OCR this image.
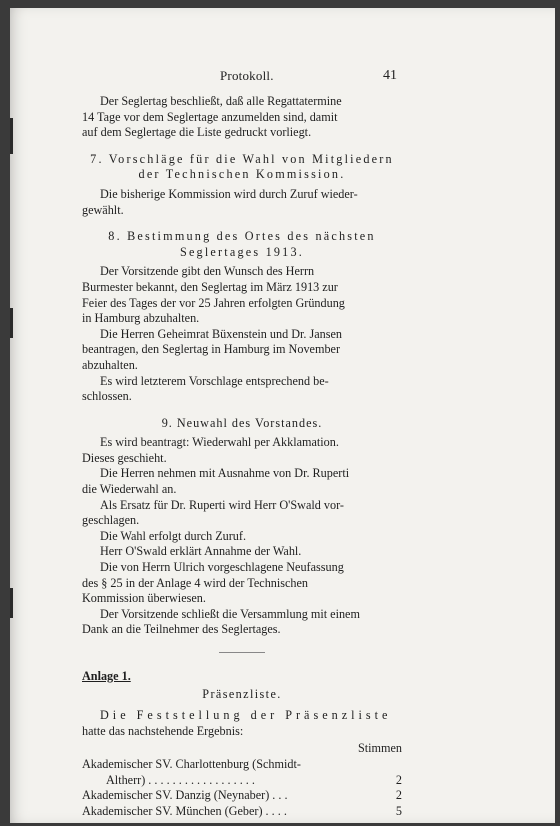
Protokoll.	41

Der Seglertag beschließt, daß alle Regattatermine
14 Tage vor dem Seglertage anzumelden sind, damit
auf dem Seglertage die Liste gedruckt vorliegt.

7. Vorschläge für die Wahl von Mitgliedern
der Technischen Kommission.

Die bisherige Kommission wird durch Zuruf wieder-
gewählt.

8. Bestimmung des Ortes des nächsten
Seglertages 1913.

Der Vorsitzende gibt den Wunsch des Herrn
Burmester bekannt, den Seglertag im März 1913 zur
Feier des Tages der vor 25 Jahren erfolgten Gründung
in Hamburg abzuhalten.

Die Herren Geheimrat Büxenstein und Dr. Jansen
beantragen, den Seglertag in Hamburg im November
abzuhalten.

Es wird letzterem Vorschlage entsprechend be-
schlossen.

9. Neuwahl des Vorstandes.

Es wird beantragt: Wiederwahl per Akklamation.
Dieses geschieht.

Die Herren nehmen mit Ausnahme von Dr. Ruperti
die Wiederwahl an.

Als Ersatz für Dr. Ruperti wird Herr O'Swald vor-
geschlagen.

Die Wahl erfolgt durch Zuruf.

Herr O'Swald erklärt Annahme der Wahl.

Die von Herrn Ulrich vorgeschlagene Neufassung
des § 25 in der Anlage 4 wird der Technischen
Kommission überwiesen.

Der Vorsitzende schließt die Versammlung mit einem
Dank an die Teilnehmer des Seglertages.

Anlage 1.
Präsenzliste.

Die Feststellung der Präsenzliste

hatte das nachstehende Ergebnis:

Stimmen
Akademischer SV. Charlottenburg (Schmidt-
Altherr) . . . . . . . . . . . . . . . . . .	2
Akademischer SV. Danzig (Neynaber) . . .	2
Akademischer SV. München (Geber) . . . .	5
